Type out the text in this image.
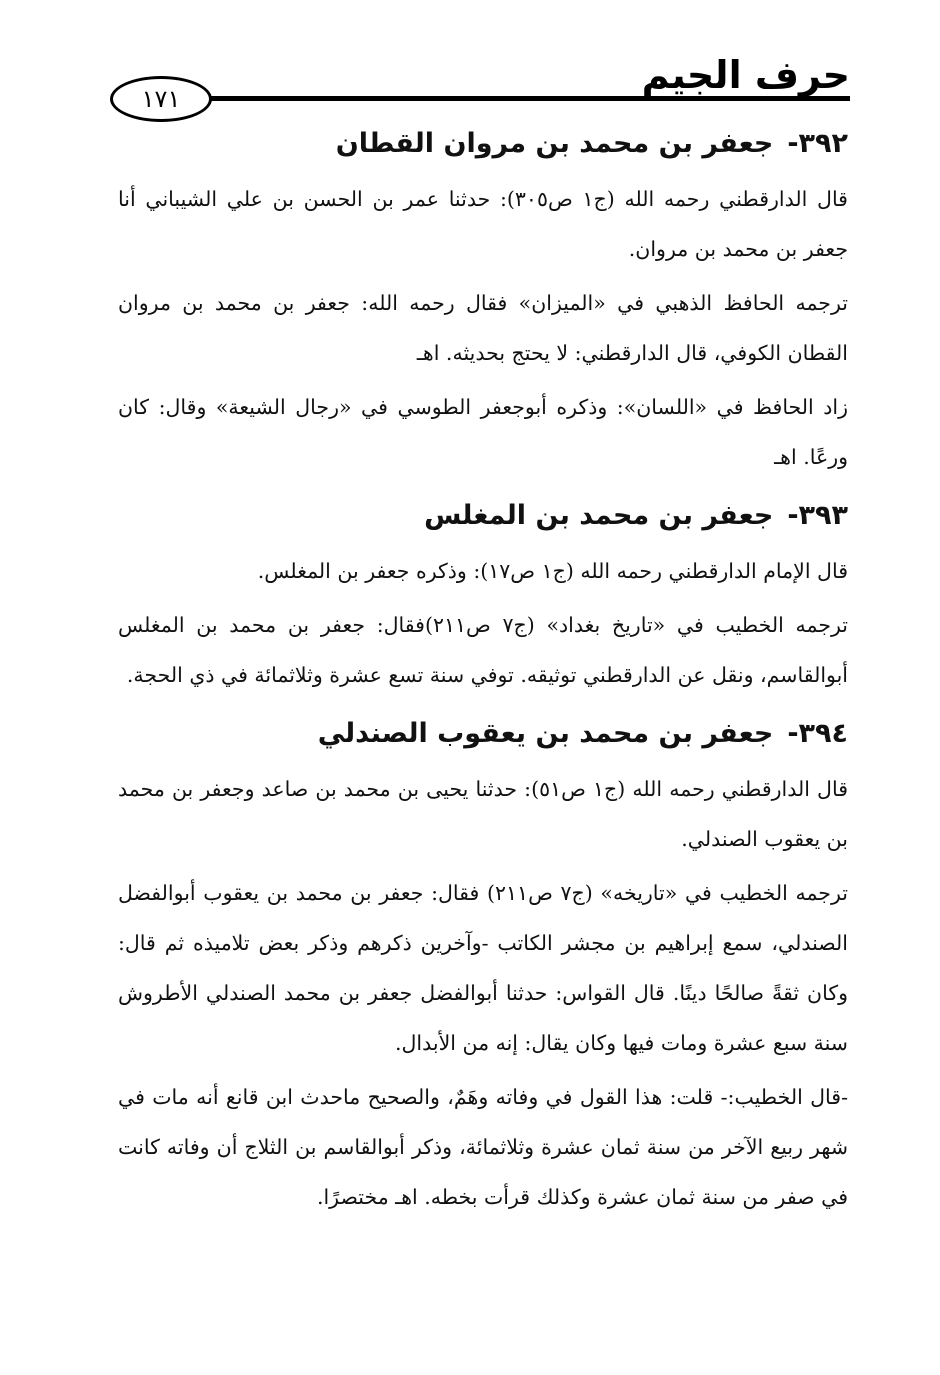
حرف الجيم
١٧١
٣٩٢-جعفر بن محمد بن مروان القطان

قال الدارقطني رحمه الله (ج١ ص٣٠٥): حدثنا عمر بن الحسن بن علي الشيباني أنا جعفر بن محمد بن مروان.

ترجمه الحافظ الذهبي في «الميزان» فقال رحمه الله: جعفر بن محمد بن مروان القطان الكوفي، قال الدارقطني: لا يحتج بحديثه. اهـ

زاد الحافظ في «اللسان»: وذكره أبوجعفر الطوسي في «رجال الشيعة» وقال: كان ورعًا. اهـ

٣٩٣-جعفر بن محمد بن المغلس

قال الإمام الدارقطني رحمه الله (ج١ ص١٧): وذكره جعفر بن المغلس.

ترجمه الخطيب في «تاريخ بغداد» (ج٧ ص٢١١)فقال: جعفر بن محمد بن المغلس أبوالقاسم، ونقل عن الدارقطني توثيقه. توفي سنة تسع عشرة وثلاثمائة في ذي الحجة.

٣٩٤-جعفر بن محمد بن يعقوب الصندلي

قال الدارقطني رحمه الله (ج١ ص٥١): حدثنا يحيى بن محمد بن صاعد وجعفر بن محمد بن يعقوب الصندلي.

ترجمه الخطيب في «تاريخه» (ج٧ ص٢١١) فقال: جعفر بن محمد بن يعقوب أبوالفضل الصندلي، سمع إبراهيم بن مجشر الكاتب -وآخرين ذكرهم وذكر بعض تلاميذه ثم قال: وكان ثقةً صالحًا دينًا. قال القواس: حدثنا أبوالفضل جعفر بن محمد الصندلي الأطروش سنة سبع عشرة ومات فيها وكان يقال: إنه من الأبدال.

-قال الخطيب:- قلت: هذا القول في وفاته وهَمٌ، والصحيح ماحدث ابن قانع أنه مات في شهر ربيع الآخر من سنة ثمان عشرة وثلاثمائة، وذكر أبوالقاسم بن الثلاج أن وفاته كانت في صفر من سنة ثمان عشرة وكذلك قرأت بخطه. اهـ مختصرًا.
